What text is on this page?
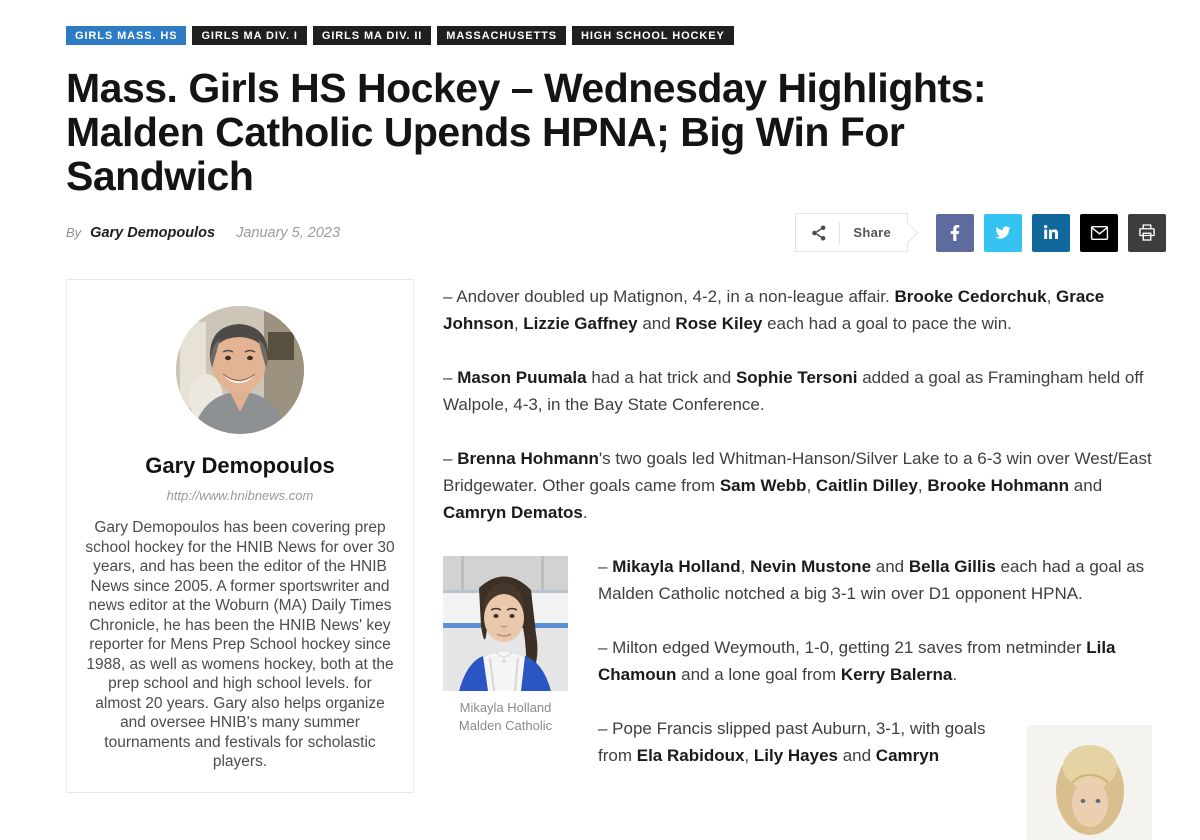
GIRLS MASS. HS	GIRLS MA DIV. I	GIRLS MA DIV. II	MASSACHUSETTS	HIGH SCHOOL HOCKEY
Mass. Girls HS Hockey – Wednesday Highlights: Malden Catholic Upends HPNA; Big Win For Sandwich
By Gary Demopoulos January 5, 2023	Share
Gary Demopoulos
http://www.hnibnews.com
Gary Demopoulos has been covering prep school hockey for the HNIB News for over 30 years, and has been the editor of the HNIB News since 2005. A former sportswriter and news editor at the Woburn (MA) Daily Times Chronicle, he has been the HNIB News' key reporter for Mens Prep School hockey since 1988, as well as womens hockey, both at the prep school and high school levels. for almost 20 years. Gary also helps organize and oversee HNIB's many summer tournaments and festivals for scholastic players.

– Andover doubled up Matignon, 4-2, in a non-league affair. Brooke Cedorchuk, Grace Johnson, Lizzie Gaffney and Rose Kiley each had a goal to pace the win.

– Mason Puumala had a hat trick and Sophie Tersoni added a goal as Framingham held off Walpole, 4-3, in the Bay State Conference.

– Brenna Hohmann's two goals led Whitman-Hanson/Silver Lake to a 6-3 win over West/East Bridgewater. Other goals came from Sam Webb, Caitlin Dilley, Brooke Hohmann and Camryn Dematos.

Mikayla Holland
Malden Catholic

– Mikayla Holland, Nevin Mustone and Bella Gillis each had a goal as Malden Catholic notched a big 3-1 win over D1 opponent HPNA.

– Milton edged Weymouth, 1-0, getting 21 saves from netminder Lila Chamoun and a lone goal from Kerry Balerna.

– Pope Francis slipped past Auburn, 3-1, with goals from Ela Rabidoux, Lily Hayes and Camryn
